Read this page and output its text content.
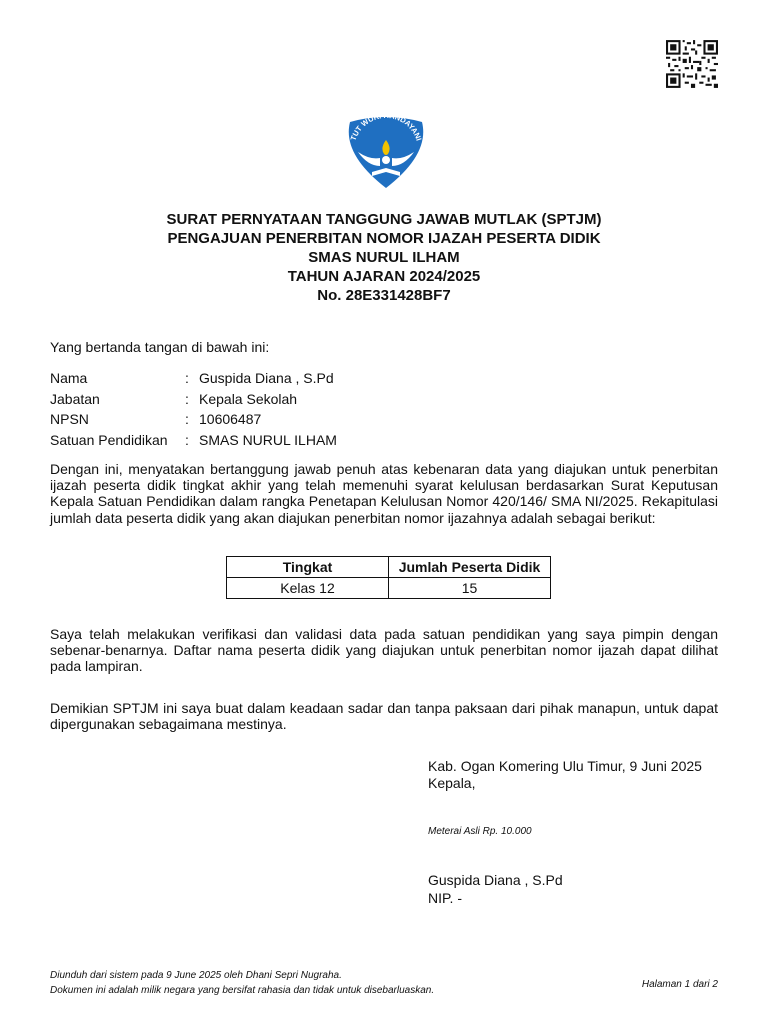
TUT WURI HANDAYANI
SURAT PERNYATAAN TANGGUNG JAWAB MUTLAK (SPTJM)
PENGAJUAN PENERBITAN NOMOR IJAZAH PESERTA DIDIK
SMAS NURUL ILHAM
TAHUN AJARAN 2024/2025
No. 28E331428BF7
Yang bertanda tangan di bawah ini:
Nama	: Guspida Diana , S.Pd
Jabatan	: Kepala Sekolah
NPSN	: 10606487
Satuan Pendidikan	: SMAS NURUL ILHAM
Dengan ini, menyatakan bertanggung jawab penuh atas kebenaran data yang diajukan untuk penerbitan ijazah peserta didik tingkat akhir yang telah memenuhi syarat kelulusan berdasarkan Surat Keputusan Kepala Satuan Pendidikan dalam rangka Penetapan Kelulusan Nomor 420/146/ SMA NI/2025. Rekapitulasi jumlah data peserta didik yang akan diajukan penerbitan nomor ijazahnya adalah sebagai berikut:
Tingkat	Jumlah Peserta Didik
Kelas 12	15
Saya telah melakukan verifikasi dan validasi data pada satuan pendidikan yang saya pimpin dengan sebenar-benarnya. Daftar nama peserta didik yang diajukan untuk penerbitan nomor ijazah dapat dilihat pada lampiran.
Demikian SPTJM ini saya buat dalam keadaan sadar dan tanpa paksaan dari pihak manapun, untuk dapat dipergunakan sebagaimana mestinya.
Kab. Ogan Komering Ulu Timur, 9 Juni 2025
Kepala,
Meterai Asli Rp. 10.000
Guspida Diana , S.Pd
NIP. -
Diunduh dari sistem pada 9 June 2025 oleh Dhani Sepri Nugraha.
Dokumen ini adalah milik negara yang bersifat rahasia dan tidak untuk disebarluaskan.
Halaman 1 dari 2
